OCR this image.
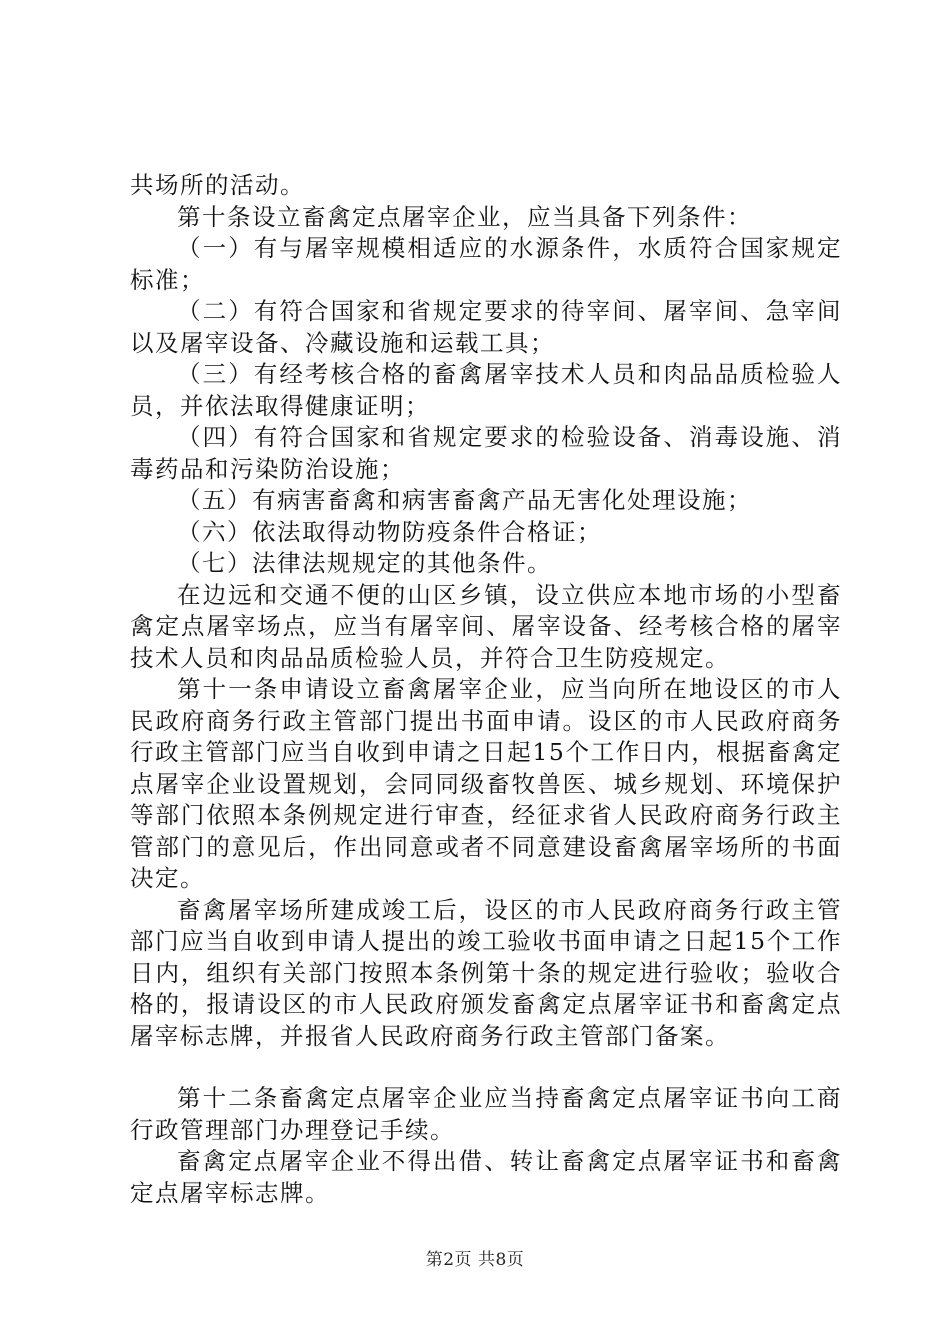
共场所的活动。

第十条设立畜禽定点屠宰企业，应当具备下列条件：

（一）有与屠宰规模相适应的水源条件，水质符合国家规定标准；

（二）有符合国家和省规定要求的待宰间、屠宰间、急宰间以及屠宰设备、冷藏设施和运载工具；

（三）有经考核合格的畜禽屠宰技术人员和肉品品质检验人员，并依法取得健康证明；

（四）有符合国家和省规定要求的检验设备、消毒设施、消毒药品和污染防治设施；

（五）有病害畜禽和病害畜禽产品无害化处理设施；

（六）依法取得动物防疫条件合格证；

（七）法律法规规定的其他条件。

在边远和交通不便的山区乡镇，设立供应本地市场的小型畜禽定点屠宰场点，应当有屠宰间、屠宰设备、经考核合格的屠宰技术人员和肉品品质检验人员，并符合卫生防疫规定。

第十一条申请设立畜禽屠宰企业，应当向所在地设区的市人民政府商务行政主管部门提出书面申请。设区的市人民政府商务行政主管部门应当自收到申请之日起15个工作日内，根据畜禽定点屠宰企业设置规划，会同同级畜牧兽医、城乡规划、环境保护等部门依照本条例规定进行审查，经征求省人民政府商务行政主管部门的意见后，作出同意或者不同意建设畜禽屠宰场所的书面决定。

畜禽屠宰场所建成竣工后，设区的市人民政府商务行政主管部门应当自收到申请人提出的竣工验收书面申请之日起15个工作日内，组织有关部门按照本条例第十条的规定进行验收；验收合格的，报请设区的市人民政府颁发畜禽定点屠宰证书和畜禽定点屠宰标志牌，并报省人民政府商务行政主管部门备案。

第十二条畜禽定点屠宰企业应当持畜禽定点屠宰证书向工商行政管理部门办理登记手续。

畜禽定点屠宰企业不得出借、转让畜禽定点屠宰证书和畜禽定点屠宰标志牌。

第2页 共8页
